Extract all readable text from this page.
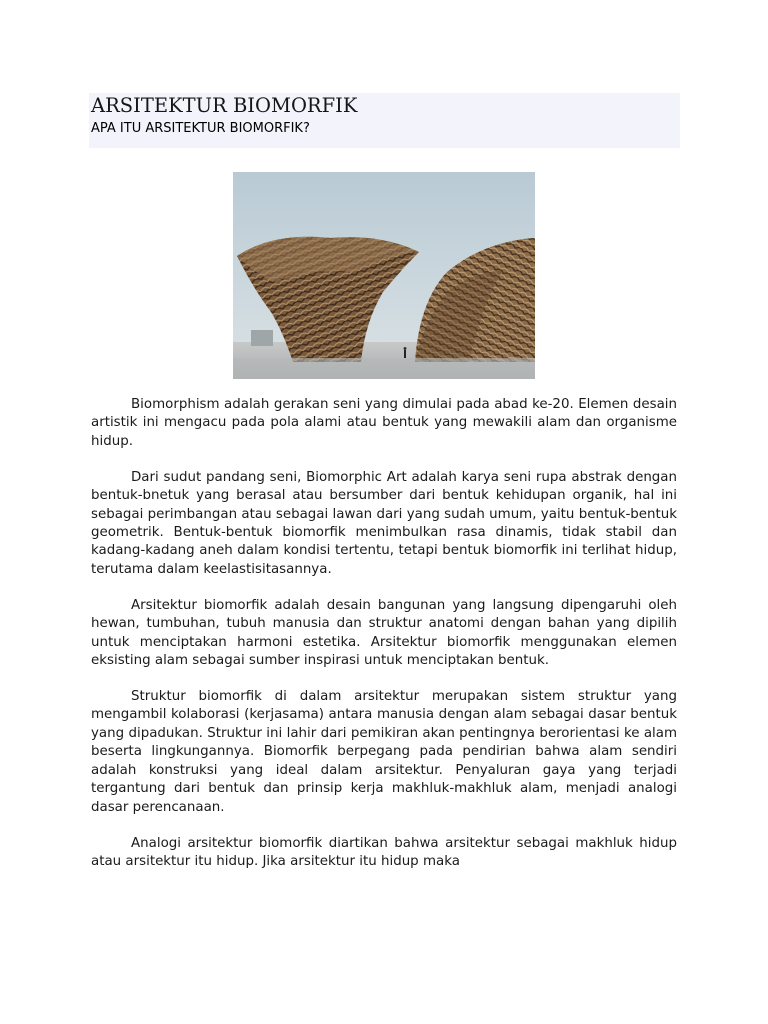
ARSITEKTUR BIOMORFIK
APA ITU ARSITEKTUR BIOMORFIK?

Biomorphism adalah gerakan seni yang dimulai pada abad ke-20. Elemen desain artistik ini mengacu pada pola alami atau bentuk yang mewakili alam dan organisme hidup.

Dari sudut pandang seni, Biomorphic Art adalah karya seni rupa abstrak dengan bentuk-bnetuk yang berasal atau bersumber dari bentuk kehidupan organik, hal ini sebagai perimbangan atau sebagai lawan dari yang sudah umum, yaitu bentuk-bentuk geometrik. Bentuk-bentuk biomorfik menimbulkan rasa dinamis, tidak stabil dan kadang-kadang aneh dalam kondisi tertentu, tetapi bentuk biomorfik ini terlihat hidup, terutama dalam keelastisitasannya.

Arsitektur biomorfik adalah desain bangunan yang langsung dipengaruhi oleh hewan, tumbuhan, tubuh manusia dan struktur anatomi dengan bahan yang dipilih untuk menciptakan harmoni estetika. Arsitektur biomorfik menggunakan elemen eksisting alam sebagai sumber inspirasi untuk menciptakan bentuk.

Struktur biomorfik di dalam arsitektur merupakan sistem struktur yang mengambil kolaborasi (kerjasama) antara manusia dengan alam sebagai dasar bentuk yang dipadukan. Struktur ini lahir dari pemikiran akan pentingnya berorientasi ke alam beserta lingkungannya. Biomorfik berpegang pada pendirian bahwa alam sendiri adalah konstruksi yang ideal dalam arsitektur. Penyaluran gaya yang terjadi tergantung dari bentuk dan prinsip kerja makhluk-makhluk alam, menjadi analogi dasar perencanaan.

Analogi arsitektur biomorfik diartikan bahwa arsitektur sebagai makhluk hidup atau arsitektur itu hidup. Jika arsitektur itu hidup maka
